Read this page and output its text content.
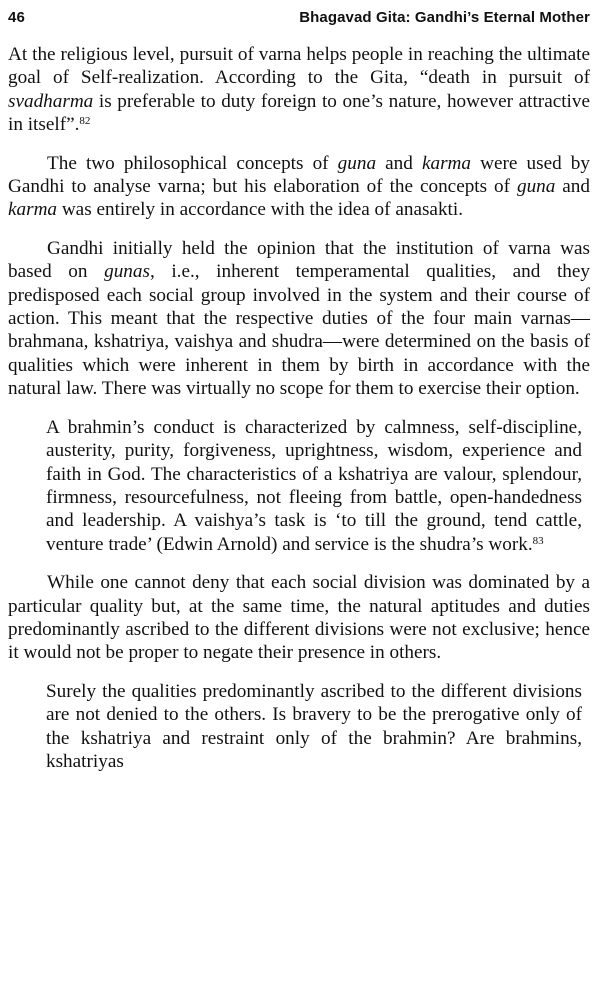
46	Bhagavad Gita: Gandhi’s Eternal Mother

At the religious level, pursuit of varna helps people in reaching the ultimate goal of Self-realization. According to the Gita, “death in pursuit of svadharma is preferable to duty foreign to one’s nature, however attractive in itself”.$^{82}$

The two philosophical concepts of guna and karma were used by Gandhi to analyse varna; but his elaboration of the concepts of guna and karma was entirely in accordance with the idea of anasakti.

Gandhi initially held the opinion that the institution of varna was based on gunas, i.e., inherent temperamental qualities, and they predisposed each social group involved in the system and their course of action. This meant that the respective duties of the four main varnas—brahmana, kshatriya, vaishya and shudra—were determined on the basis of qualities which were inherent in them by birth in accordance with the natural law. There was virtually no scope for them to exercise their option.

A brahmin’s conduct is characterized by calmness, self-discipline, austerity, purity, forgiveness, uprightness, wisdom, experience and faith in God. The characteristics of a kshatriya are valour, splendour, firmness, resourcefulness, not fleeing from battle, open-handedness and leadership. A vaishya’s task is ‘to till the ground, tend cattle, venture trade’ (Edwin Arnold) and service is the shudra’s work.$^{83}$

While one cannot deny that each social division was dominated by a particular quality but, at the same time, the natural aptitudes and duties predominantly ascribed to the different divisions were not exclusive; hence it would not be proper to negate their presence in others.

Surely the qualities predominantly ascribed to the different divisions are not denied to the others. Is bravery to be the prerogative only of the kshatriya and restraint only of the brahmin? Are brahmins, kshatriyas
